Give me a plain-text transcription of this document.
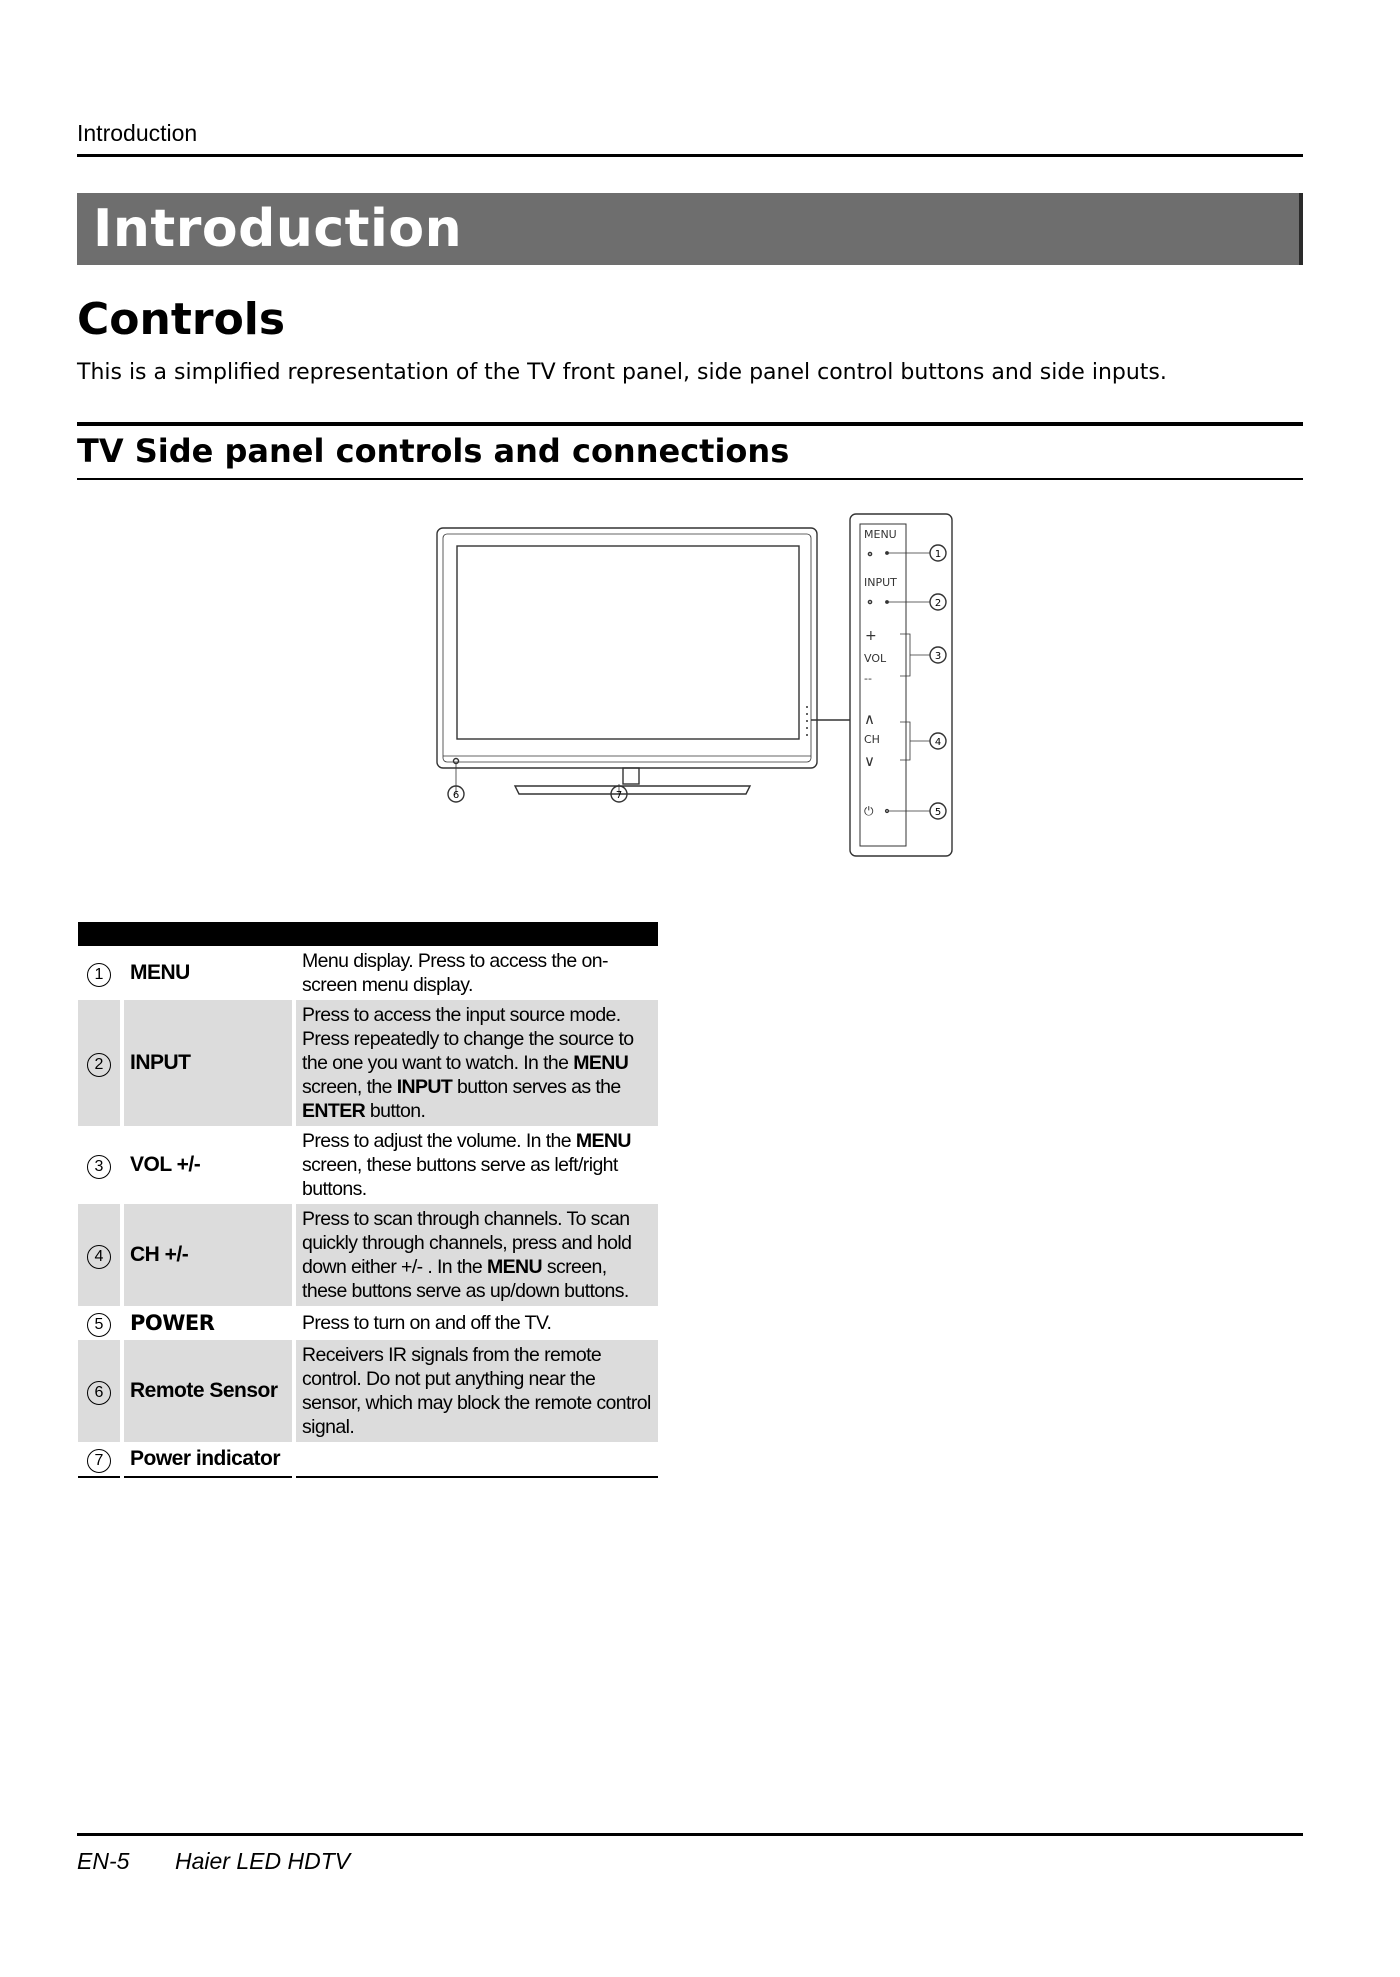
Introduction
Introduction
Controls
This is a simplified representation of the TV front panel, side panel control buttons and side inputs.
TV Side panel controls and connections
MENU
INPUT
+
VOL
--
∧
CH
∨
⏻
1
2
3
4
5
6	7

1	MENU	Menu display. Press to access the on-screen menu display.
2	INPUT	Press to access the input source mode. Press repeatedly to change the source to the one you want to watch. In the MENU screen, the INPUT button serves as the ENTER button.
3	VOL +/-	Press to adjust the volume. In the MENU screen, these buttons serve as left/right buttons.
4	CH +/-	Press to scan through channels. To scan quickly through channels, press and hold down either +/- . In the MENU screen, these buttons serve as up/down buttons.
5	POWER	Press to turn on and off the TV.
6	Remote Sensor	Receivers IR signals from the remote control. Do not put anything near the sensor, which may block the remote control signal.
7	Power indicator	
EN-5 Haier LED HDTV
